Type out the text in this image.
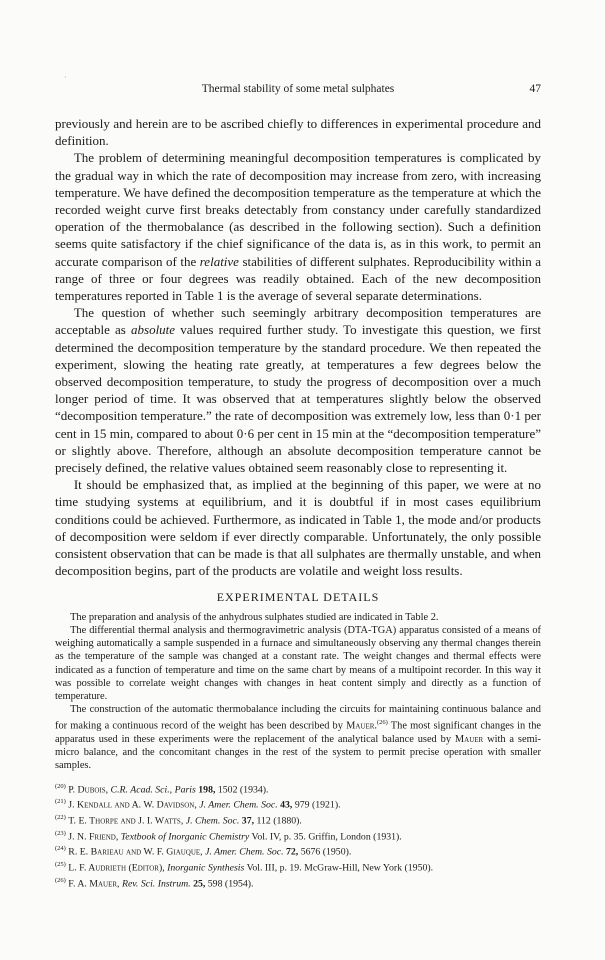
·
Thermal stability of some metal sulphates	47

previously and herein are to be ascribed chiefly to differences in experimental procedure and definition.

The problem of determining meaningful decomposition temperatures is complicated by the gradual way in which the rate of decomposition may increase from zero, with increasing temperature. We have defined the decomposition temperature as the temperature at which the recorded weight curve first breaks detectably from constancy under carefully standardized operation of the thermobalance (as described in the following section). Such a definition seems quite satisfactory if the chief significance of the data is, as in this work, to permit an accurate comparison of the relative stabilities of different sulphates. Reproducibility within a range of three or four degrees was readily obtained. Each of the new decomposition temperatures reported in Table 1 is the average of several separate determinations.

The question of whether such seemingly arbitrary decomposition temperatures are acceptable as absolute values required further study. To investigate this question, we first determined the decomposition temperature by the standard procedure. We then repeated the experiment, slowing the heating rate greatly, at temperatures a few degrees below the observed decomposition temperature, to study the progress of decomposition over a much longer period of time. It was observed that at temperatures slightly below the observed “decomposition temperature.” the rate of decomposition was extremely low, less than 0·1 per cent in 15 min, compared to about 0·6 per cent in 15 min at the “decomposition temperature” or slightly above. Therefore, although an absolute decomposition temperature cannot be precisely defined, the relative values obtained seem reasonably close to representing it.

It should be emphasized that, as implied at the beginning of this paper, we were at no time studying systems at equilibrium, and it is doubtful if in most cases equilibrium conditions could be achieved. Furthermore, as indicated in Table 1, the mode and/or products of decomposition were seldom if ever directly comparable. Unfortunately, the only possible consistent observation that can be made is that all sulphates are thermally unstable, and when decomposition begins, part of the products are volatile and weight loss results.

EXPERIMENTAL DETAILS

The preparation and analysis of the anhydrous sulphates studied are indicated in Table 2.

The differential thermal analysis and thermogravimetric analysis (DTA-TGA) apparatus consisted of a means of weighing automatically a sample suspended in a furnace and simultaneously observing any thermal changes therein as the temperature of the sample was changed at a constant rate. The weight changes and thermal effects were indicated as a function of temperature and time on the same chart by means of a multipoint recorder. In this way it was possible to correlate weight changes with changes in heat content simply and directly as a function of temperature.

The construction of the automatic thermobalance including the circuits for maintaining continuous balance and for making a continuous record of the weight has been described by Mauer.$^{(26)}$ The most significant changes in the apparatus used in these experiments were the replacement of the analytical balance used by Mauer with a semi-micro balance, and the concomitant changes in the rest of the system to permit precise operation with smaller samples.

$^{(20)}$ P. Dubois, C.R. Acad. Sci., Paris 198, 1502 (1934).
$^{(21)}$ J. Kendall and A. W. Davidson, J. Amer. Chem. Soc. 43, 979 (1921).
$^{(22)}$ T. E. Thorpe and J. I. Watts, J. Chem. Soc. 37, 112 (1880).
$^{(23)}$ J. N. Friend, Textbook of Inorganic Chemistry Vol. IV, p. 35. Griffin, London (1931).
$^{(24)}$ R. E. Barieau and W. F. Giauque, J. Amer. Chem. Soc. 72, 5676 (1950).
$^{(25)}$ L. F. Audrieth (Editor), Inorganic Synthesis Vol. III, p. 19. McGraw-Hill, New York (1950).
$^{(26)}$ F. A. Mauer, Rev. Sci. Instrum. 25, 598 (1954).
